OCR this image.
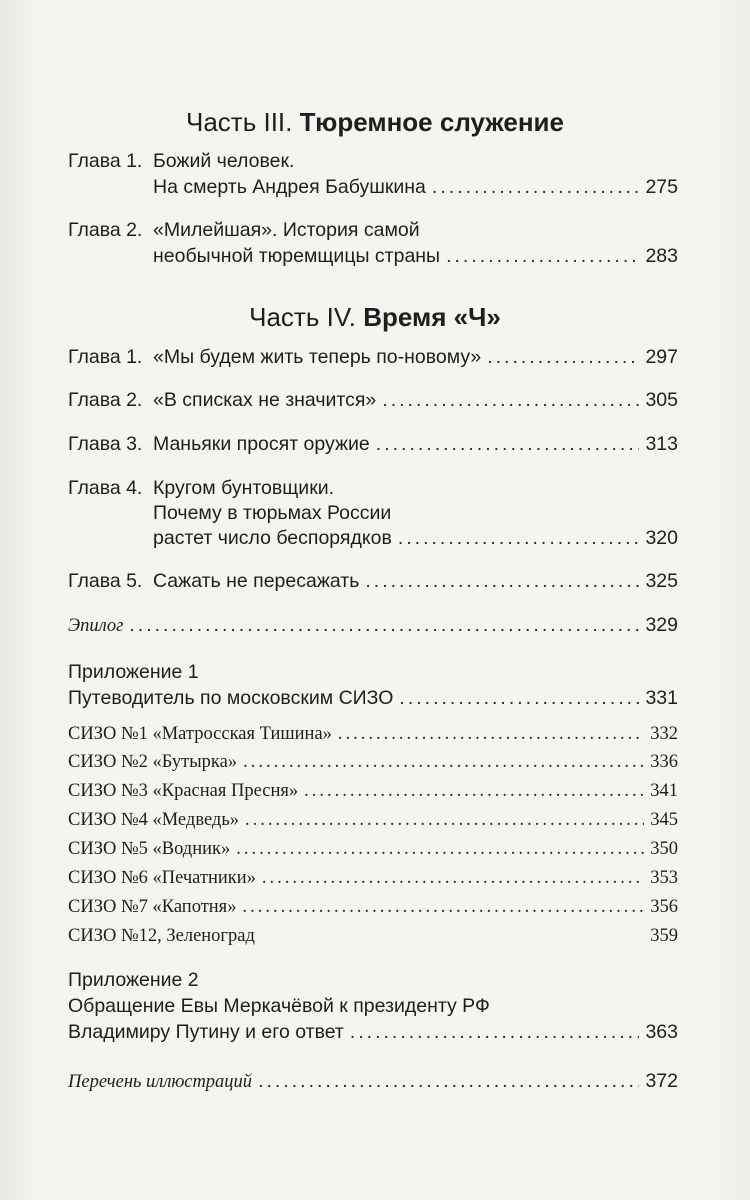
Часть III. Тюремное служение
Глава 1. Божий человек.
На смерть Андрея Бабушкина .....	275
Глава 2. «Милейшая». История самой
необычной тюремщицы страны .....	283
Часть IV. Время «Ч»
Глава 1. «Мы будем жить теперь по-новому» .....	297
Глава 2. «В списках не значится» .....	305
Глава 3. Маньяки просят оружие .....	313
Глава 4. Кругом бунтовщики.
Почему в тюрьмах России
растет число беспорядков .....	320
Глава 5. Сажать не пересажать .....	325
Эпилог .....	329
Приложение 1
Путеводитель по московским СИЗО .....	331
СИЗО №1 «Матросская Тишина» .....	332
СИЗО №2 «Бутырка» .....	336
СИЗО №3 «Красная Пресня» .....	341
СИЗО №4 «Медведь» .....	345
СИЗО №5 «Водник» .....	350
СИЗО №6 «Печатники» .....	353
СИЗО №7 «Капотня» .....	356
СИЗО №12, Зеленоград	359
Приложение 2
Обращение Евы Меркачёвой к президенту РФ
Владимиру Путину и его ответ .....	363
Перечень иллюстраций .....	372
